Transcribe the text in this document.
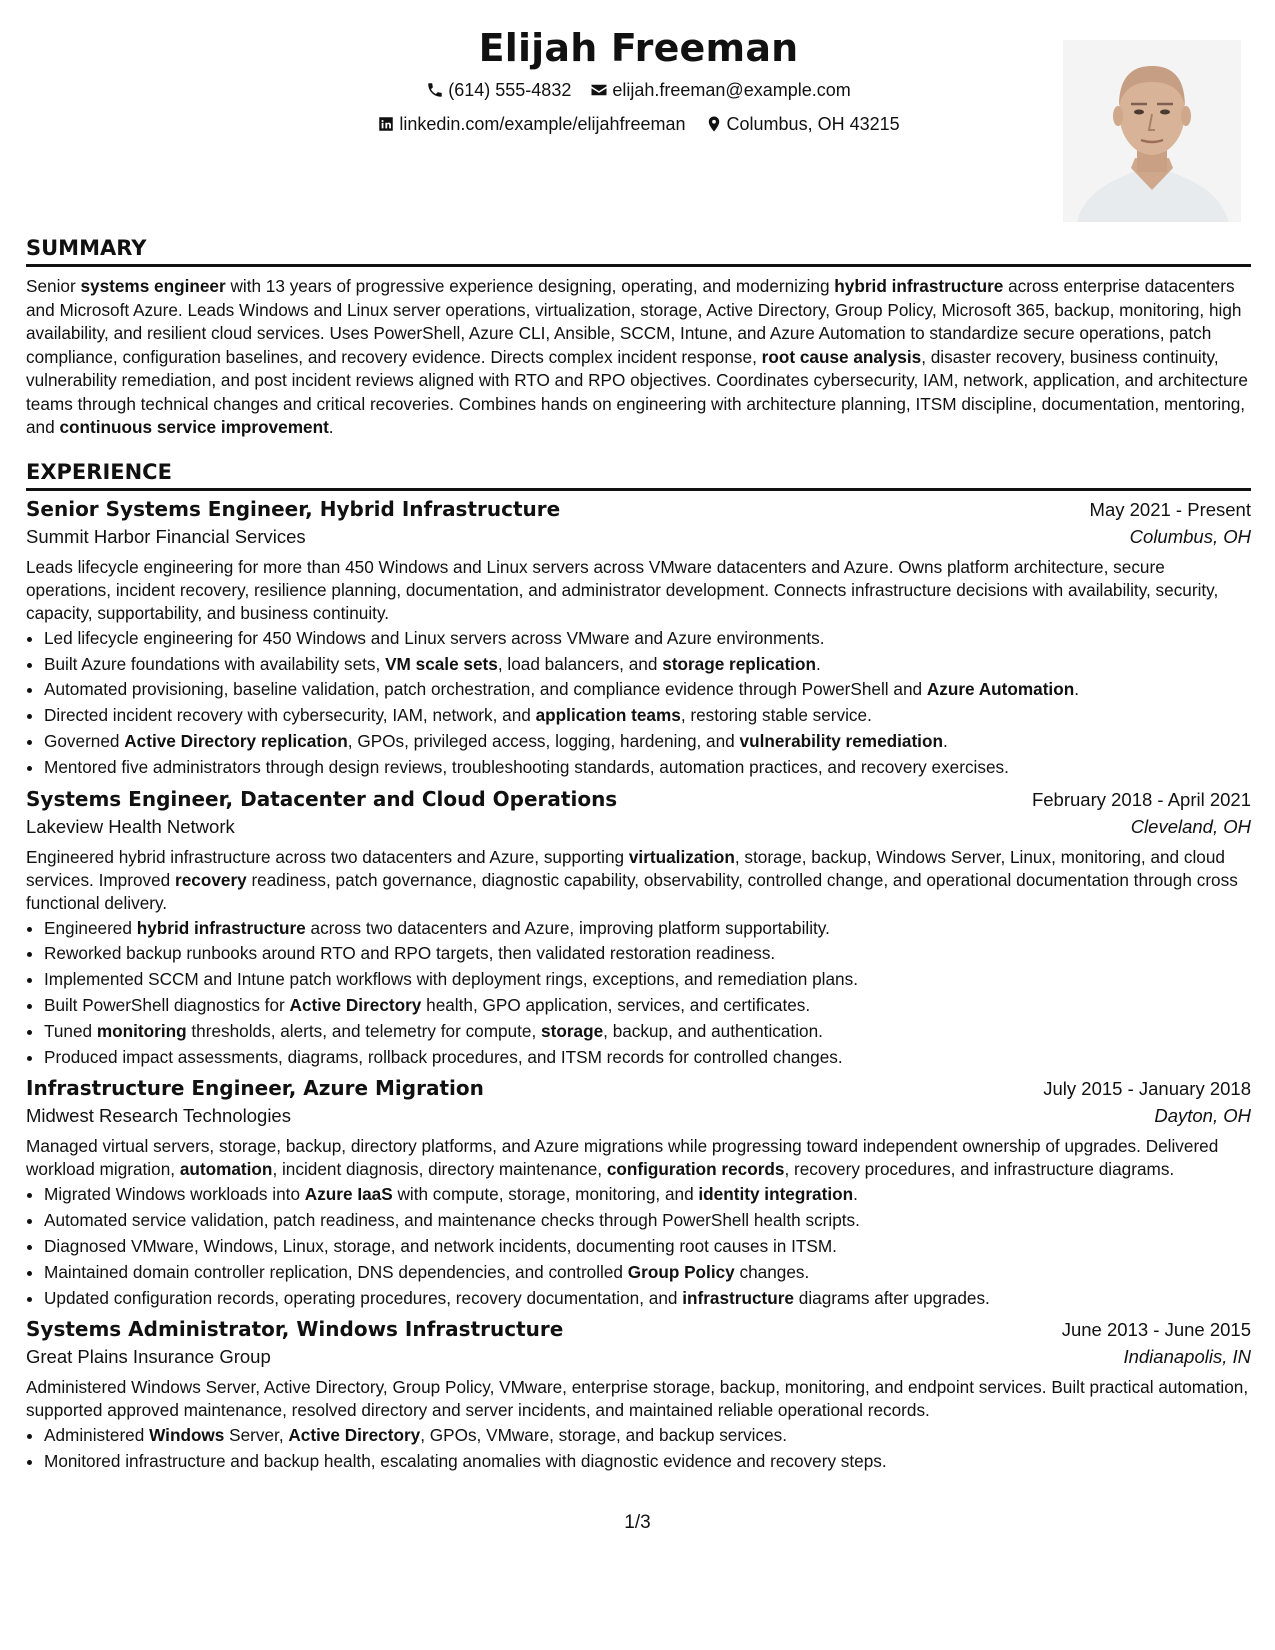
Elijah Freeman
(614) 555-4832
elijah.freeman@example.com
linkedin.com/example/elijahfreeman
Columbus, OH 43215
SUMMARY

Senior systems engineer with 13 years of progressive experience designing, operating, and modernizing hybrid infrastructure across enterprise datacenters and Microsoft Azure. Leads Windows and Linux server operations, virtualization, storage, Active Directory, Group Policy, Microsoft 365, backup, monitoring, high availability, and resilient cloud services. Uses PowerShell, Azure CLI, Ansible, SCCM, Intune, and Azure Automation to standardize secure operations, patch compliance, configuration baselines, and recovery evidence. Directs complex incident response, root cause analysis, disaster recovery, business continuity, vulnerability remediation, and post incident reviews aligned with RTO and RPO objectives. Coordinates cybersecurity, IAM, network, application, and architecture teams through technical changes and critical recoveries. Combines hands on engineering with architecture planning, ITSM discipline, documentation, mentoring, and continuous service improvement.

EXPERIENCE
Senior Systems Engineer, Hybrid Infrastructure	May 2021 - Present
Summit Harbor Financial Services	Columbus, OH

Leads lifecycle engineering for more than 450 Windows and Linux servers across VMware datacenters and Azure. Owns platform architecture, secure operations, incident recovery, resilience planning, documentation, and administrator development. Connects infrastructure decisions with availability, security, capacity, supportability, and business continuity.

• Led lifecycle engineering for 450 Windows and Linux servers across VMware and Azure environments.
• Built Azure foundations with availability sets, VM scale sets, load balancers, and storage replication.
• Automated provisioning, baseline validation, patch orchestration, and compliance evidence through PowerShell and Azure Automation.
• Directed incident recovery with cybersecurity, IAM, network, and application teams, restoring stable service.
• Governed Active Directory replication, GPOs, privileged access, logging, hardening, and vulnerability remediation.
• Mentored five administrators through design reviews, troubleshooting standards, automation practices, and recovery exercises.
Systems Engineer, Datacenter and Cloud Operations	February 2018 - April 2021
Lakeview Health Network	Cleveland, OH

Engineered hybrid infrastructure across two datacenters and Azure, supporting virtualization, storage, backup, Windows Server, Linux, monitoring, and cloud services. Improved recovery readiness, patch governance, diagnostic capability, observability, controlled change, and operational documentation through cross functional delivery.

• Engineered hybrid infrastructure across two datacenters and Azure, improving platform supportability.
• Reworked backup runbooks around RTO and RPO targets, then validated restoration readiness.
• Implemented SCCM and Intune patch workflows with deployment rings, exceptions, and remediation plans.
• Built PowerShell diagnostics for Active Directory health, GPO application, services, and certificates.
• Tuned monitoring thresholds, alerts, and telemetry for compute, storage, backup, and authentication.
• Produced impact assessments, diagrams, rollback procedures, and ITSM records for controlled changes.
Infrastructure Engineer, Azure Migration	July 2015 - January 2018
Midwest Research Technologies	Dayton, OH

Managed virtual servers, storage, backup, directory platforms, and Azure migrations while progressing toward independent ownership of upgrades. Delivered workload migration, automation, incident diagnosis, directory maintenance, configuration records, recovery procedures, and infrastructure diagrams.

• Migrated Windows workloads into Azure IaaS with compute, storage, monitoring, and identity integration.
• Automated service validation, patch readiness, and maintenance checks through PowerShell health scripts.
• Diagnosed VMware, Windows, Linux, storage, and network incidents, documenting root causes in ITSM.
• Maintained domain controller replication, DNS dependencies, and controlled Group Policy changes.
• Updated configuration records, operating procedures, recovery documentation, and infrastructure diagrams after upgrades.
Systems Administrator, Windows Infrastructure	June 2013 - June 2015
Great Plains Insurance Group	Indianapolis, IN

Administered Windows Server, Active Directory, Group Policy, VMware, enterprise storage, backup, monitoring, and endpoint services. Built practical automation, supported approved maintenance, resolved directory and server incidents, and maintained reliable operational records.

• Administered Windows Server, Active Directory, GPOs, VMware, storage, and backup services.
• Monitored infrastructure and backup health, escalating anomalies with diagnostic evidence and recovery steps.
1/3
